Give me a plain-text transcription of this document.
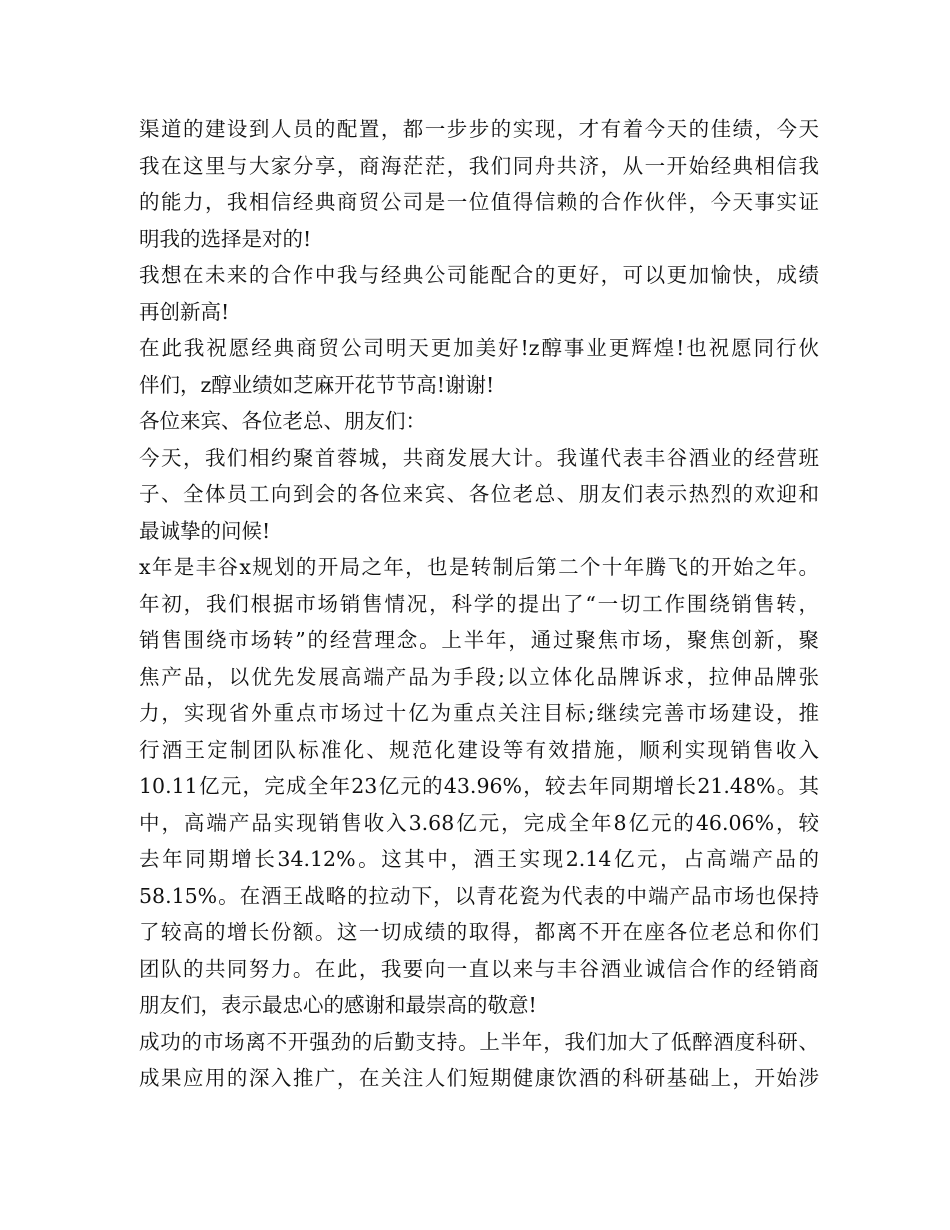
渠道的建设到人员的配置，都一步步的实现，才有着今天的佳绩，今天
我在这里与大家分享，商海茫茫，我们同舟共济，从一开始经典相信我
的能力，我相信经典商贸公司是一位值得信赖的合作伙伴，今天事实证
明我的选择是对的!
我想在未来的合作中我与经典公司能配合的更好，可以更加愉快，成绩
再创新高!
在此我祝愿经典商贸公司明天更加美好!z醇事业更辉煌!也祝愿同行伙
伴们，z醇业绩如芝麻开花节节高!谢谢!
各位来宾、各位老总、朋友们：
今天，我们相约聚首蓉城，共商发展大计。我谨代表丰谷酒业的经营班
子、全体员工向到会的各位来宾、各位老总、朋友们表示热烈的欢迎和
最诚挚的问候!
x年是丰谷x规划的开局之年，也是转制后第二个十年腾飞的开始之年。
年初，我们根据市场销售情况，科学的提出了“一切工作围绕销售转，
销售围绕市场转”的经营理念。上半年，通过聚焦市场，聚焦创新，聚
焦产品，以优先发展高端产品为手段;以立体化品牌诉求，拉伸品牌张
力，实现省外重点市场过十亿为重点关注目标;继续完善市场建设，推
行酒王定制团队标准化、规范化建设等有效措施，顺利实现销售收入
10.11亿元，完成全年23亿元的43.96%，较去年同期增长21.48%。其
中，高端产品实现销售收入3.68亿元，完成全年8亿元的46.06%，较
去年同期增长34.12%。这其中，酒王实现2.14亿元，占高端产品的
58.15%。在酒王战略的拉动下，以青花瓷为代表的中端产品市场也保持
了较高的增长份额。这一切成绩的取得，都离不开在座各位老总和你们
团队的共同努力。在此，我要向一直以来与丰谷酒业诚信合作的经销商
朋友们，表示最忠心的感谢和最崇高的敬意!
成功的市场离不开强劲的后勤支持。上半年，我们加大了低醉酒度科研、
成果应用的深入推广，在关注人们短期健康饮酒的科研基础上，开始涉
